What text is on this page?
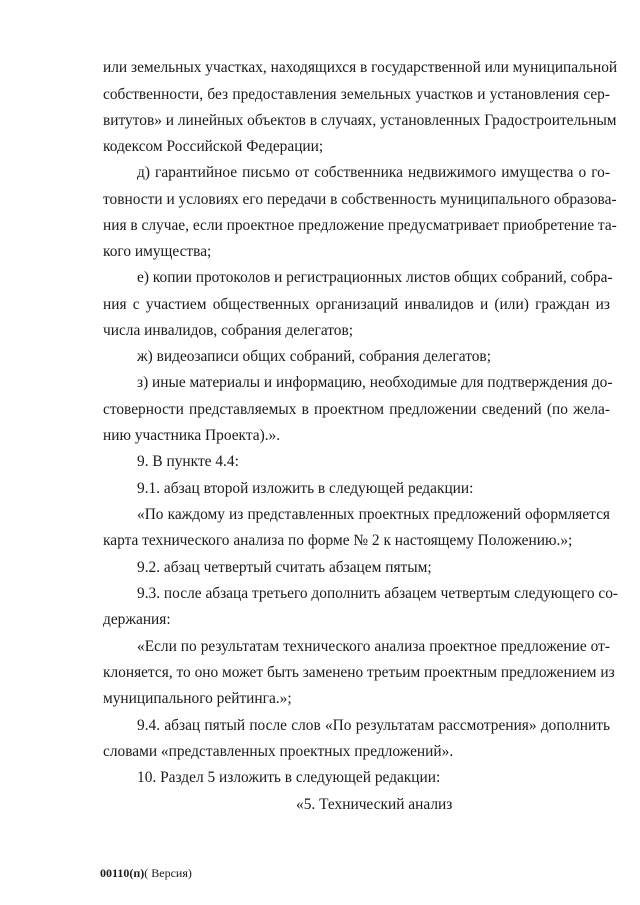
или земельных участках, находящихся в государственной или муниципальной
собственности, без предоставления земельных участков и установления сер-
витутов» и линейных объектов в случаях, установленных Градостроительным
кодексом Российской Федерации;
д) гарантийное письмо от собственника недвижимого имущества о го-
товности и условиях его передачи в собственность муниципального образова-
ния в случае, если проектное предложение предусматривает приобретение та-
кого имущества;
е) копии протоколов и регистрационных листов общих собраний, собра-
ния с участием общественных организаций инвалидов и (или) граждан из
числа инвалидов, собрания делегатов;
ж) видеозаписи общих собраний, собрания делегатов;
з) иные материалы и информацию, необходимые для подтверждения до-
стоверности представляемых в проектном предложении сведений (по жела-
нию участника Проекта).».
9. В пункте 4.4:
9.1. абзац второй изложить в следующей редакции:
«По каждому из представленных проектных предложений оформляется
карта технического анализа по форме № 2 к настоящему Положению.»;
9.2. абзац четвертый считать абзацем пятым;
9.3. после абзаца третьего дополнить абзацем четвертым следующего со-
держания:
«Если по результатам технического анализа проектное предложение от-
клоняется, то оно может быть заменено третьим проектным предложением из
муниципального рейтинга.»;
9.4. абзац пятый после слов «По результатам рассмотрения» дополнить
словами «представленных проектных предложений».
10. Раздел 5 изложить в следующей редакции:
«5. Технический анализ
00110(п)( Версия)
